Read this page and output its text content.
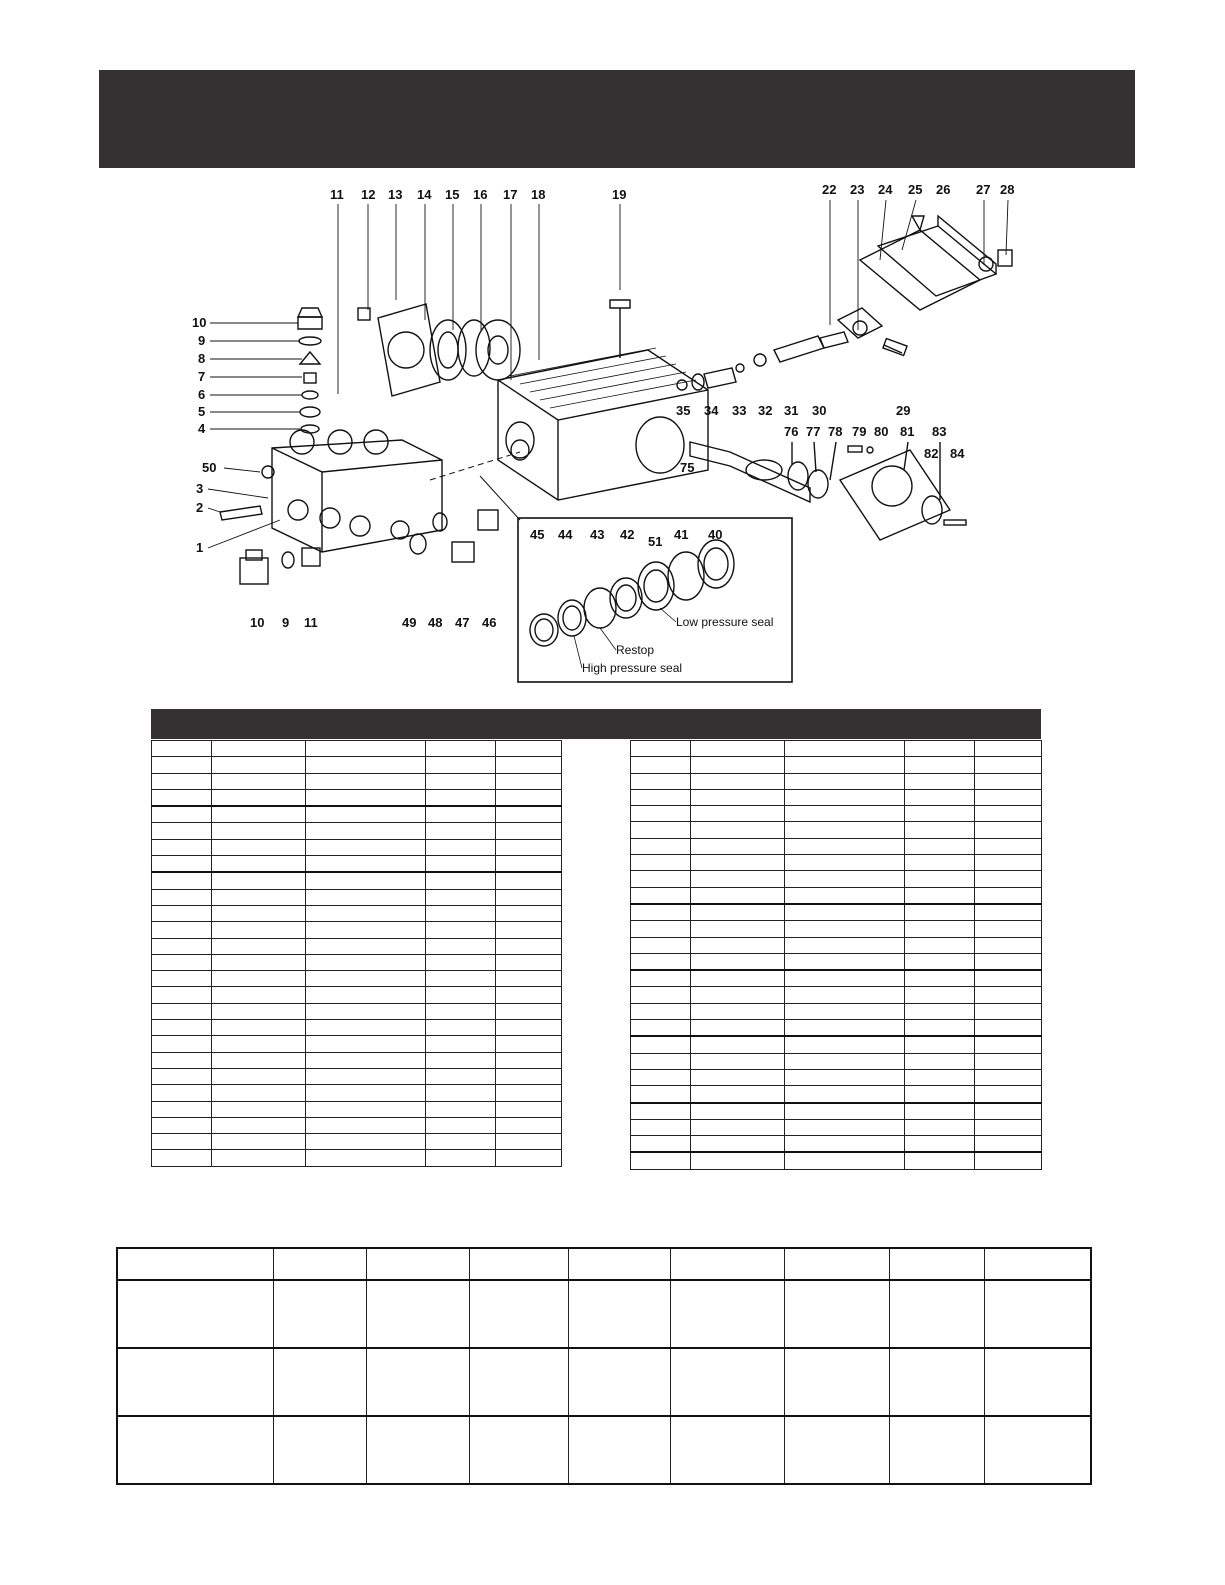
11 12 13 14 15 16 17 18	19	22 23 24 25 26 27 28
10
9
8
7
6
5
4
50
3
2
1
10 9 11	49 48 47 46
35 34 33 32 31 30	29
75
76 77 78 79 80 81
82
83
84
45 44 43 42 51 41 40
Low pressure seal
Restop
High pressure seal
